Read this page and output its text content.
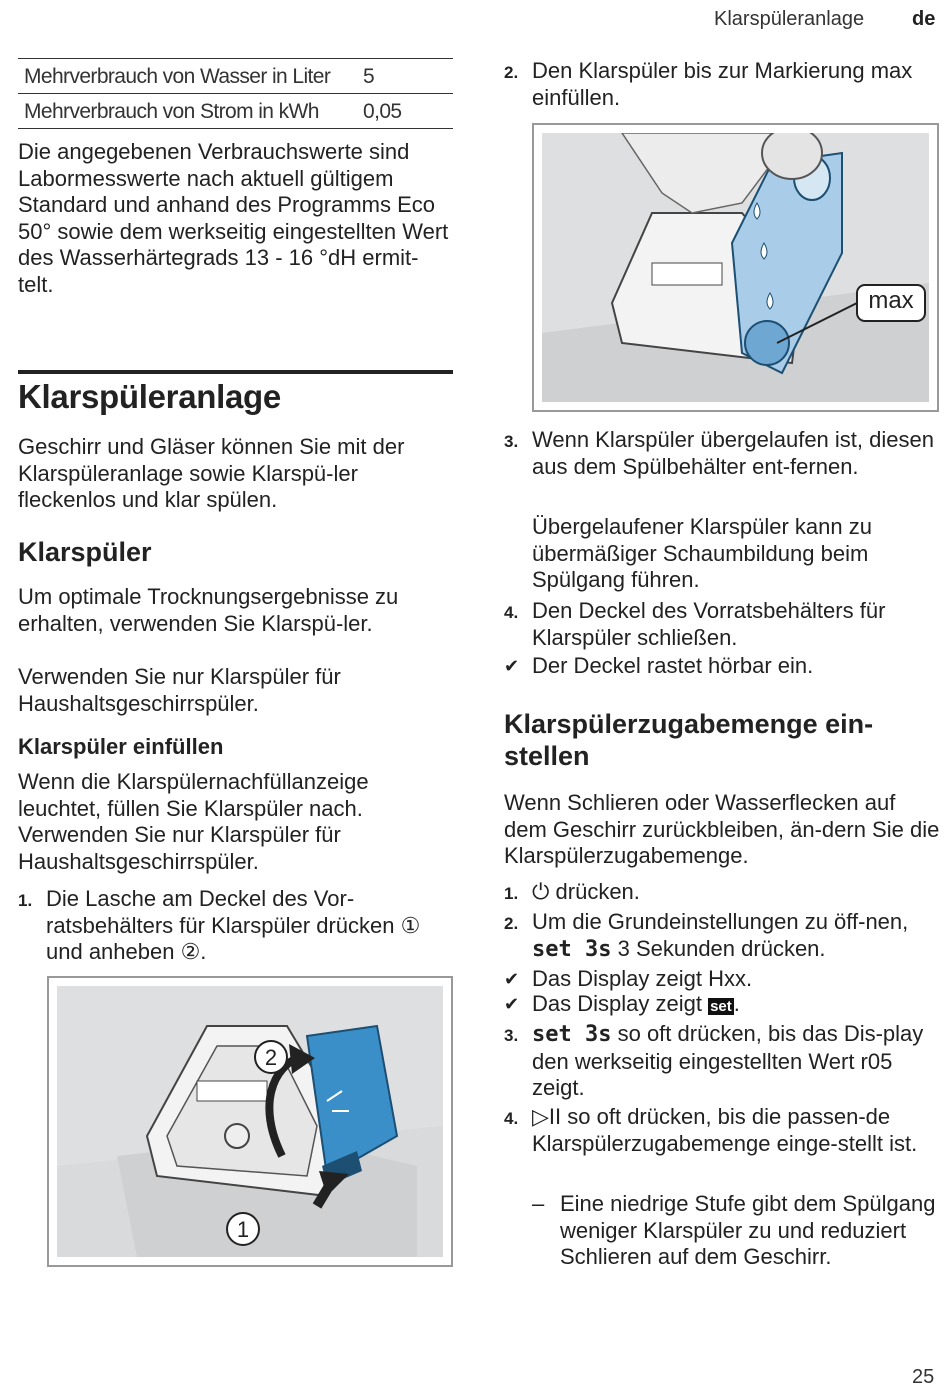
Klarspüleranlage de
Mehrverbrauch von Wasser in Liter	5
Mehrverbrauch von Strom in kWh	0,05

Die angegebenen Verbrauchswerte sind Labormesswerte nach aktuell gültigem Standard und anhand des Programms Eco 50° sowie dem werkseitig eingestellten Wert des Wasserhärtegrads 13 - 16 °dH ermit-telt.

Klarspüleranlage

Geschirr und Gläser können Sie mit der Klarspüleranlage sowie Klarspü-ler fleckenlos und klar spülen.

Klarspüler

Um optimale Trocknungsergebnisse zu erhalten, verwenden Sie Klarspü-ler.

Verwenden Sie nur Klarspüler für Haushaltsgeschirrspüler.

Klarspüler einfüllen

Wenn die Klarspülernachfüllanzeige leuchtet, füllen Sie Klarspüler nach.

Verwenden Sie nur Klarspüler für Haushaltsgeschirrspüler.

1. Die Lasche am Deckel des Vor-ratsbehälters für Klarspüler drücken ① und anheben ②.
2
1
2. Den Klarspüler bis zur Markierung max einfüllen.
max
3. Wenn Klarspüler übergelaufen ist, diesen aus dem Spülbehälter ent-fernen.

Übergelaufener Klarspüler kann zu übermäßiger Schaumbildung beim Spülgang führen.

4. Den Deckel des Vorratsbehälters für Klarspüler schließen.
✔ Der Deckel rastet hörbar ein.
Klarspülerzugabemenge ein-stellen

Wenn Schlieren oder Wasserflecken auf dem Geschirr zurückbleiben, än-dern Sie die Klarspülerzugabemenge.

1. ⏻ drücken.
2. Um die Grundeinstellungen zu öff-nen, set 3s 3 Sekunden drücken.
✔ Das Display zeigt Hxx.
✔ Das Display zeigt set.
3. set 3s so oft drücken, bis das Dis-play den werkseitig eingestellten Wert r05 zeigt.
4. ▷II so oft drücken, bis die passen-de Klarspülerzugabemenge einge-stellt ist.
– Eine niedrige Stufe gibt dem Spülgang weniger Klarspüler zu und reduziert Schlieren auf dem Geschirr.
25
